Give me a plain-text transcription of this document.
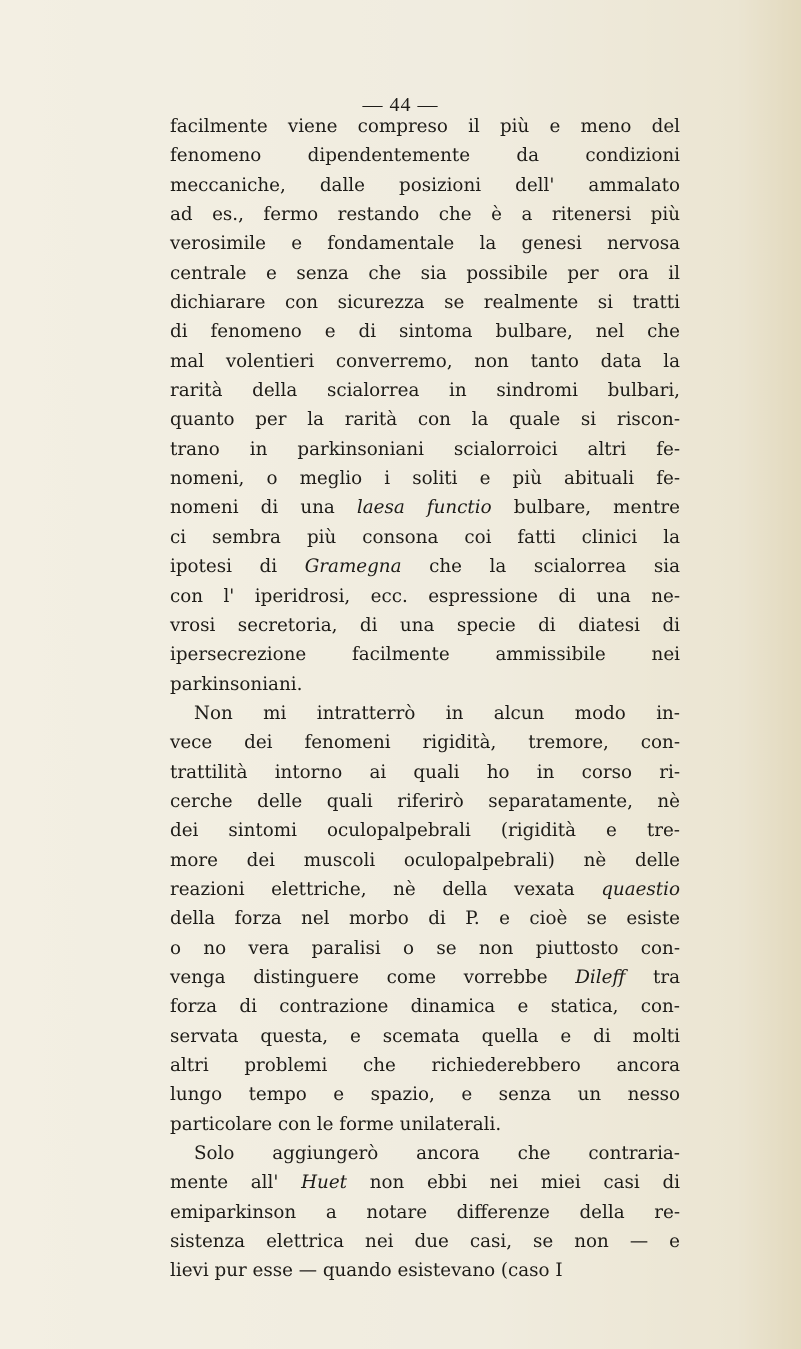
— 44 —
facilmente viene compreso il più e meno del
fenomeno dipendentemente da condizioni
meccaniche, dalle posizioni dell' ammalato
ad es., fermo restando che è a ritenersi più
verosimile e fondamentale la genesi nervosa
centrale e senza che sia possibile per ora il
dichiarare con sicurezza se realmente si tratti
di fenomeno e di sintoma bulbare, nel che
mal volentieri converremo, non tanto data la
rarità della scialorrea in sindromi bulbari,
quanto per la rarità con la quale si riscon-
trano in parkinsoniani scialorroici altri fe-
nomeni, o meglio i soliti e più abituali fe-
nomeni di una laesa functio bulbare, mentre
ci sembra più consona coi fatti clinici la
ipotesi di Gramegna che la scialorrea sia
con l' iperidrosi, ecc. espressione di una ne-
vrosi secretoria, di una specie di diatesi di
ipersecrezione facilmente ammissibile nei
parkinsoniani.
Non mi intratterrò in alcun modo in-
vece dei fenomeni rigidità, tremore, con-
trattilità intorno ai quali ho in corso ri-
cerche delle quali riferirò separatamente, nè
dei sintomi oculopalpebrali (rigidità e tre-
more dei muscoli oculopalpebrali) nè delle
reazioni elettriche, nè della vexata quaestio
della forza nel morbo di P. e cioè se esiste
o no vera paralisi o se non piuttosto con-
venga distinguere come vorrebbe Dileff tra
forza di contrazione dinamica e statica, con-
servata questa, e scemata quella e di molti
altri problemi che richiederebbero ancora
lungo tempo e spazio, e senza un nesso
particolare con le forme unilaterali.
Solo aggiungerò ancora che contraria-
mente all' Huet non ebbi nei miei casi di
emiparkinson a notare differenze della re-
sistenza elettrica nei due casi, se non — e
lievi pur esse — quando esistevano (caso I
